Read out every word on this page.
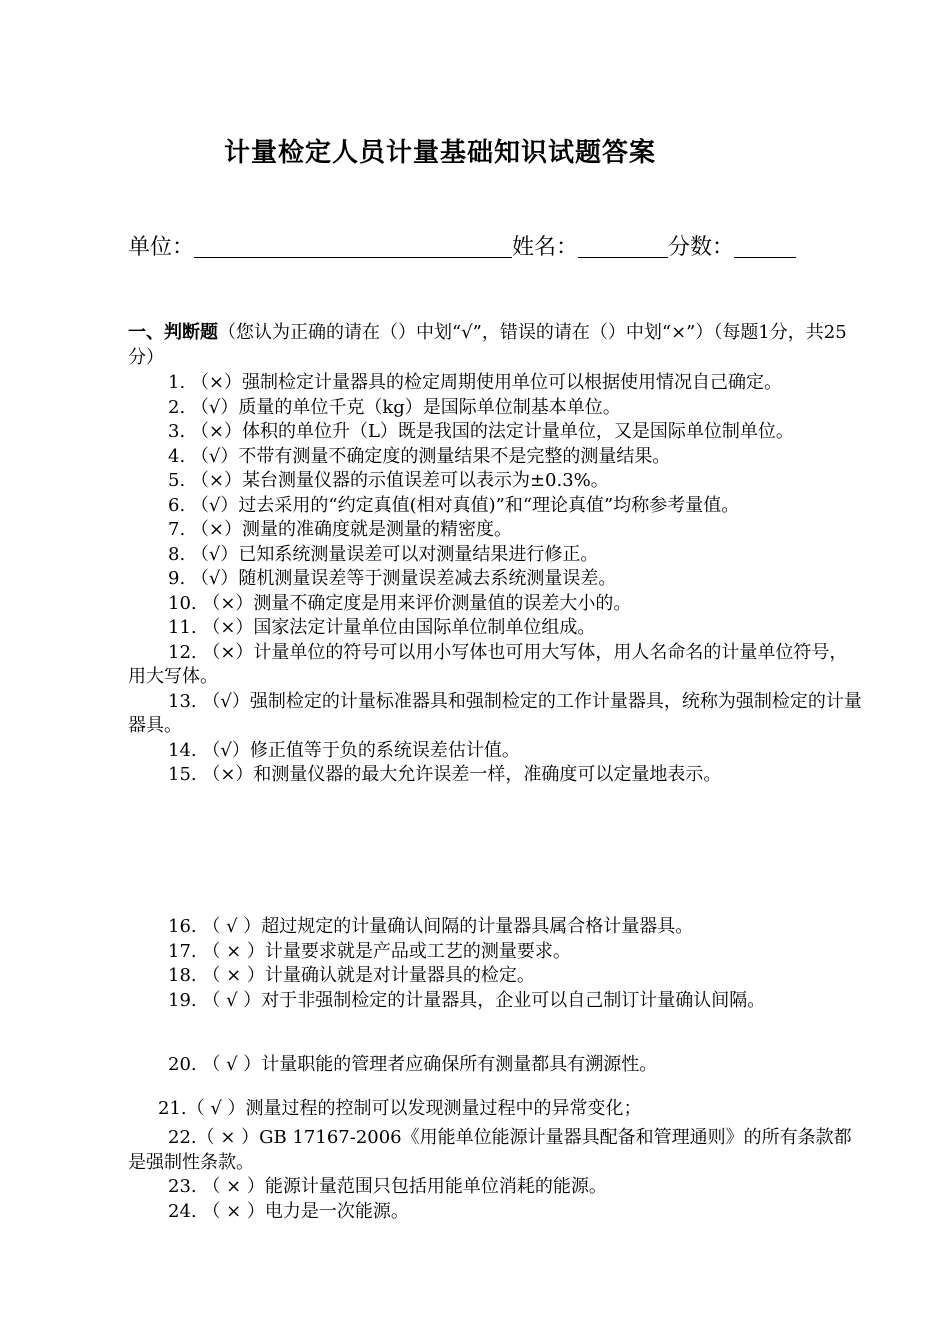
计量检定人员计量基础知识试题答案
单位：	姓名：	分数：
一、判断题（您认为正确的请在（）中划“√”，错误的请在（）中划“×”）（每题1分，共25分）

1. （×）强制检定计量器具的检定周期使用单位可以根据使用情况自己确定。

2. （√）质量的单位千克（kg）是国际单位制基本单位。

3. （×）体积的单位升（L）既是我国的法定计量单位，又是国际单位制单位。

4. （√）不带有测量不确定度的测量结果不是完整的测量结果。

5. （×）某台测量仪器的示值误差可以表示为±0.3%。

6. （√）过去采用的“约定真值(相对真值)”和“理论真值”均称参考量值。

7. （×）测量的准确度就是测量的精密度。

8. （√）已知系统测量误差可以对测量结果进行修正。

9. （√）随机测量误差等于测量误差减去系统测量误差。

10. （×）测量不确定度是用来评价测量值的误差大小的。

11. （×）国家法定计量单位由国际单位制单位组成。

12. （×）计量单位的符号可以用小写体也可用大写体，用人名命名的计量单位符号，用大写体。

13. （√）强制检定的计量标准器具和强制检定的工作计量器具，统称为强制检定的计量器具。

14. （√）修正值等于负的系统误差估计值。

15. （×）和测量仪器的最大允许误差一样，准确度可以定量地表示。

16. （ √ ）超过规定的计量确认间隔的计量器具属合格计量器具。

17. （ × ）计量要求就是产品或工艺的测量要求。

18. （ × ）计量确认就是对计量器具的检定。

19. （ √ ）对于非强制检定的计量器具，企业可以自己制订计量确认间隔。

20. （ √ ）计量职能的管理者应确保所有测量都具有溯源性。

21.（ √ ）测量过程的控制可以发现测量过程中的异常变化；

22.（ × ）GB 17167-2006《用能单位能源计量器具配备和管理通则》的所有条款都是强制性条款。

23. （ × ）能源计量范围只包括用能单位消耗的能源。

24. （ × ）电力是一次能源。
